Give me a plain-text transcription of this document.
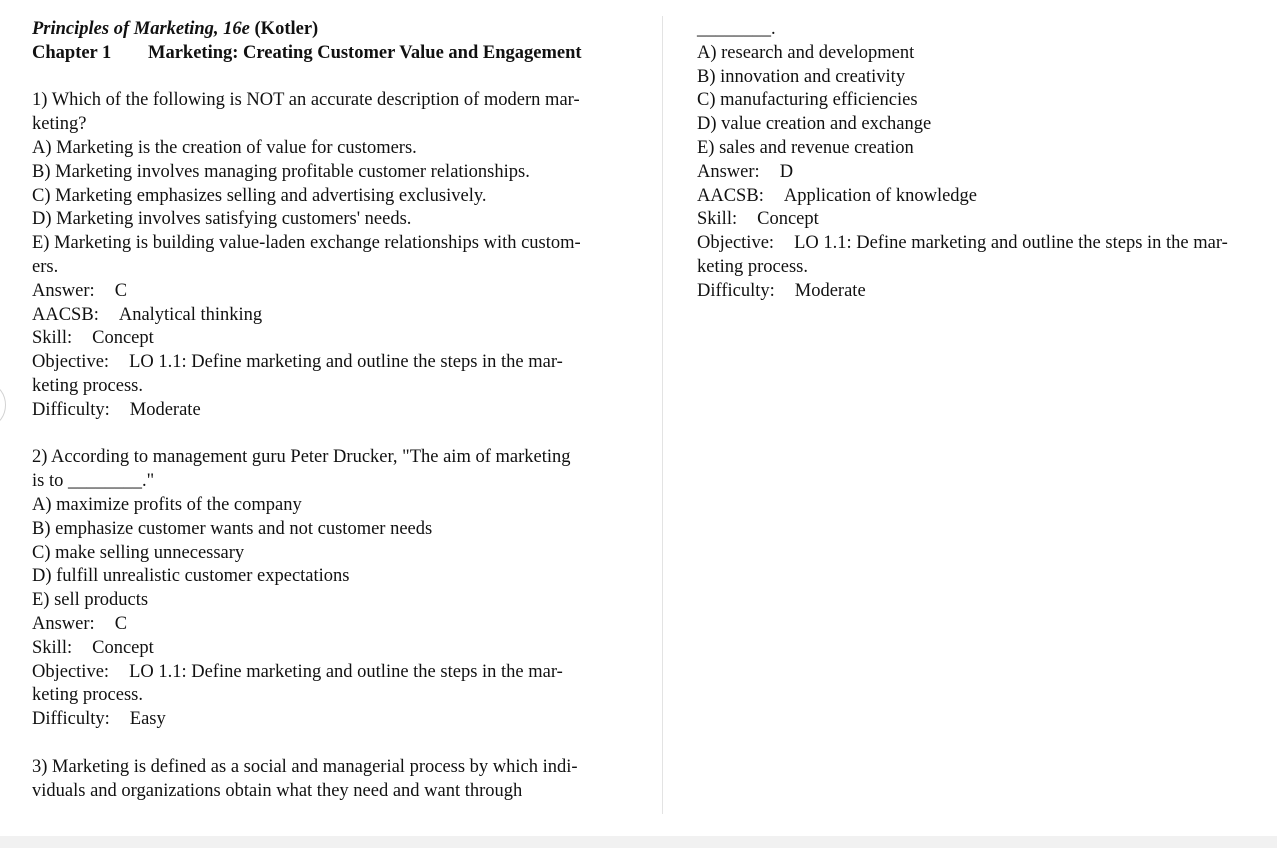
Principles of Marketing, 16e (Kotler)
Chapter 1 Marketing: Creating Customer Value and Engagement
1) Which of the following is NOT an accurate description of modern mar-
keting?
A) Marketing is the creation of value for customers.
B) Marketing involves managing profitable customer relationships.
C) Marketing emphasizes selling and advertising exclusively.
D) Marketing involves satisfying customers' needs.
E) Marketing is building value-laden exchange relationships with custom-
ers.
Answer: C
AACSB: Analytical thinking
Skill: Concept
Objective: LO 1.1: Define marketing and outline the steps in the mar-
keting process.
Difficulty: Moderate
2) According to management guru Peter Drucker, "The aim of marketing
is to ________."
A) maximize profits of the company
B) emphasize customer wants and not customer needs
C) make selling unnecessary
D) fulfill unrealistic customer expectations
E) sell products
Answer: C
Skill: Concept
Objective: LO 1.1: Define marketing and outline the steps in the mar-
keting process.
Difficulty: Easy
3) Marketing is defined as a social and managerial process by which indi-
viduals and organizations obtain what they need and want through
________.
A) research and development
B) innovation and creativity
C) manufacturing efficiencies
D) value creation and exchange
E) sales and revenue creation
Answer: D
AACSB: Application of knowledge
Skill: Concept
Objective: LO 1.1: Define marketing and outline the steps in the mar-
keting process.
Difficulty: Moderate
